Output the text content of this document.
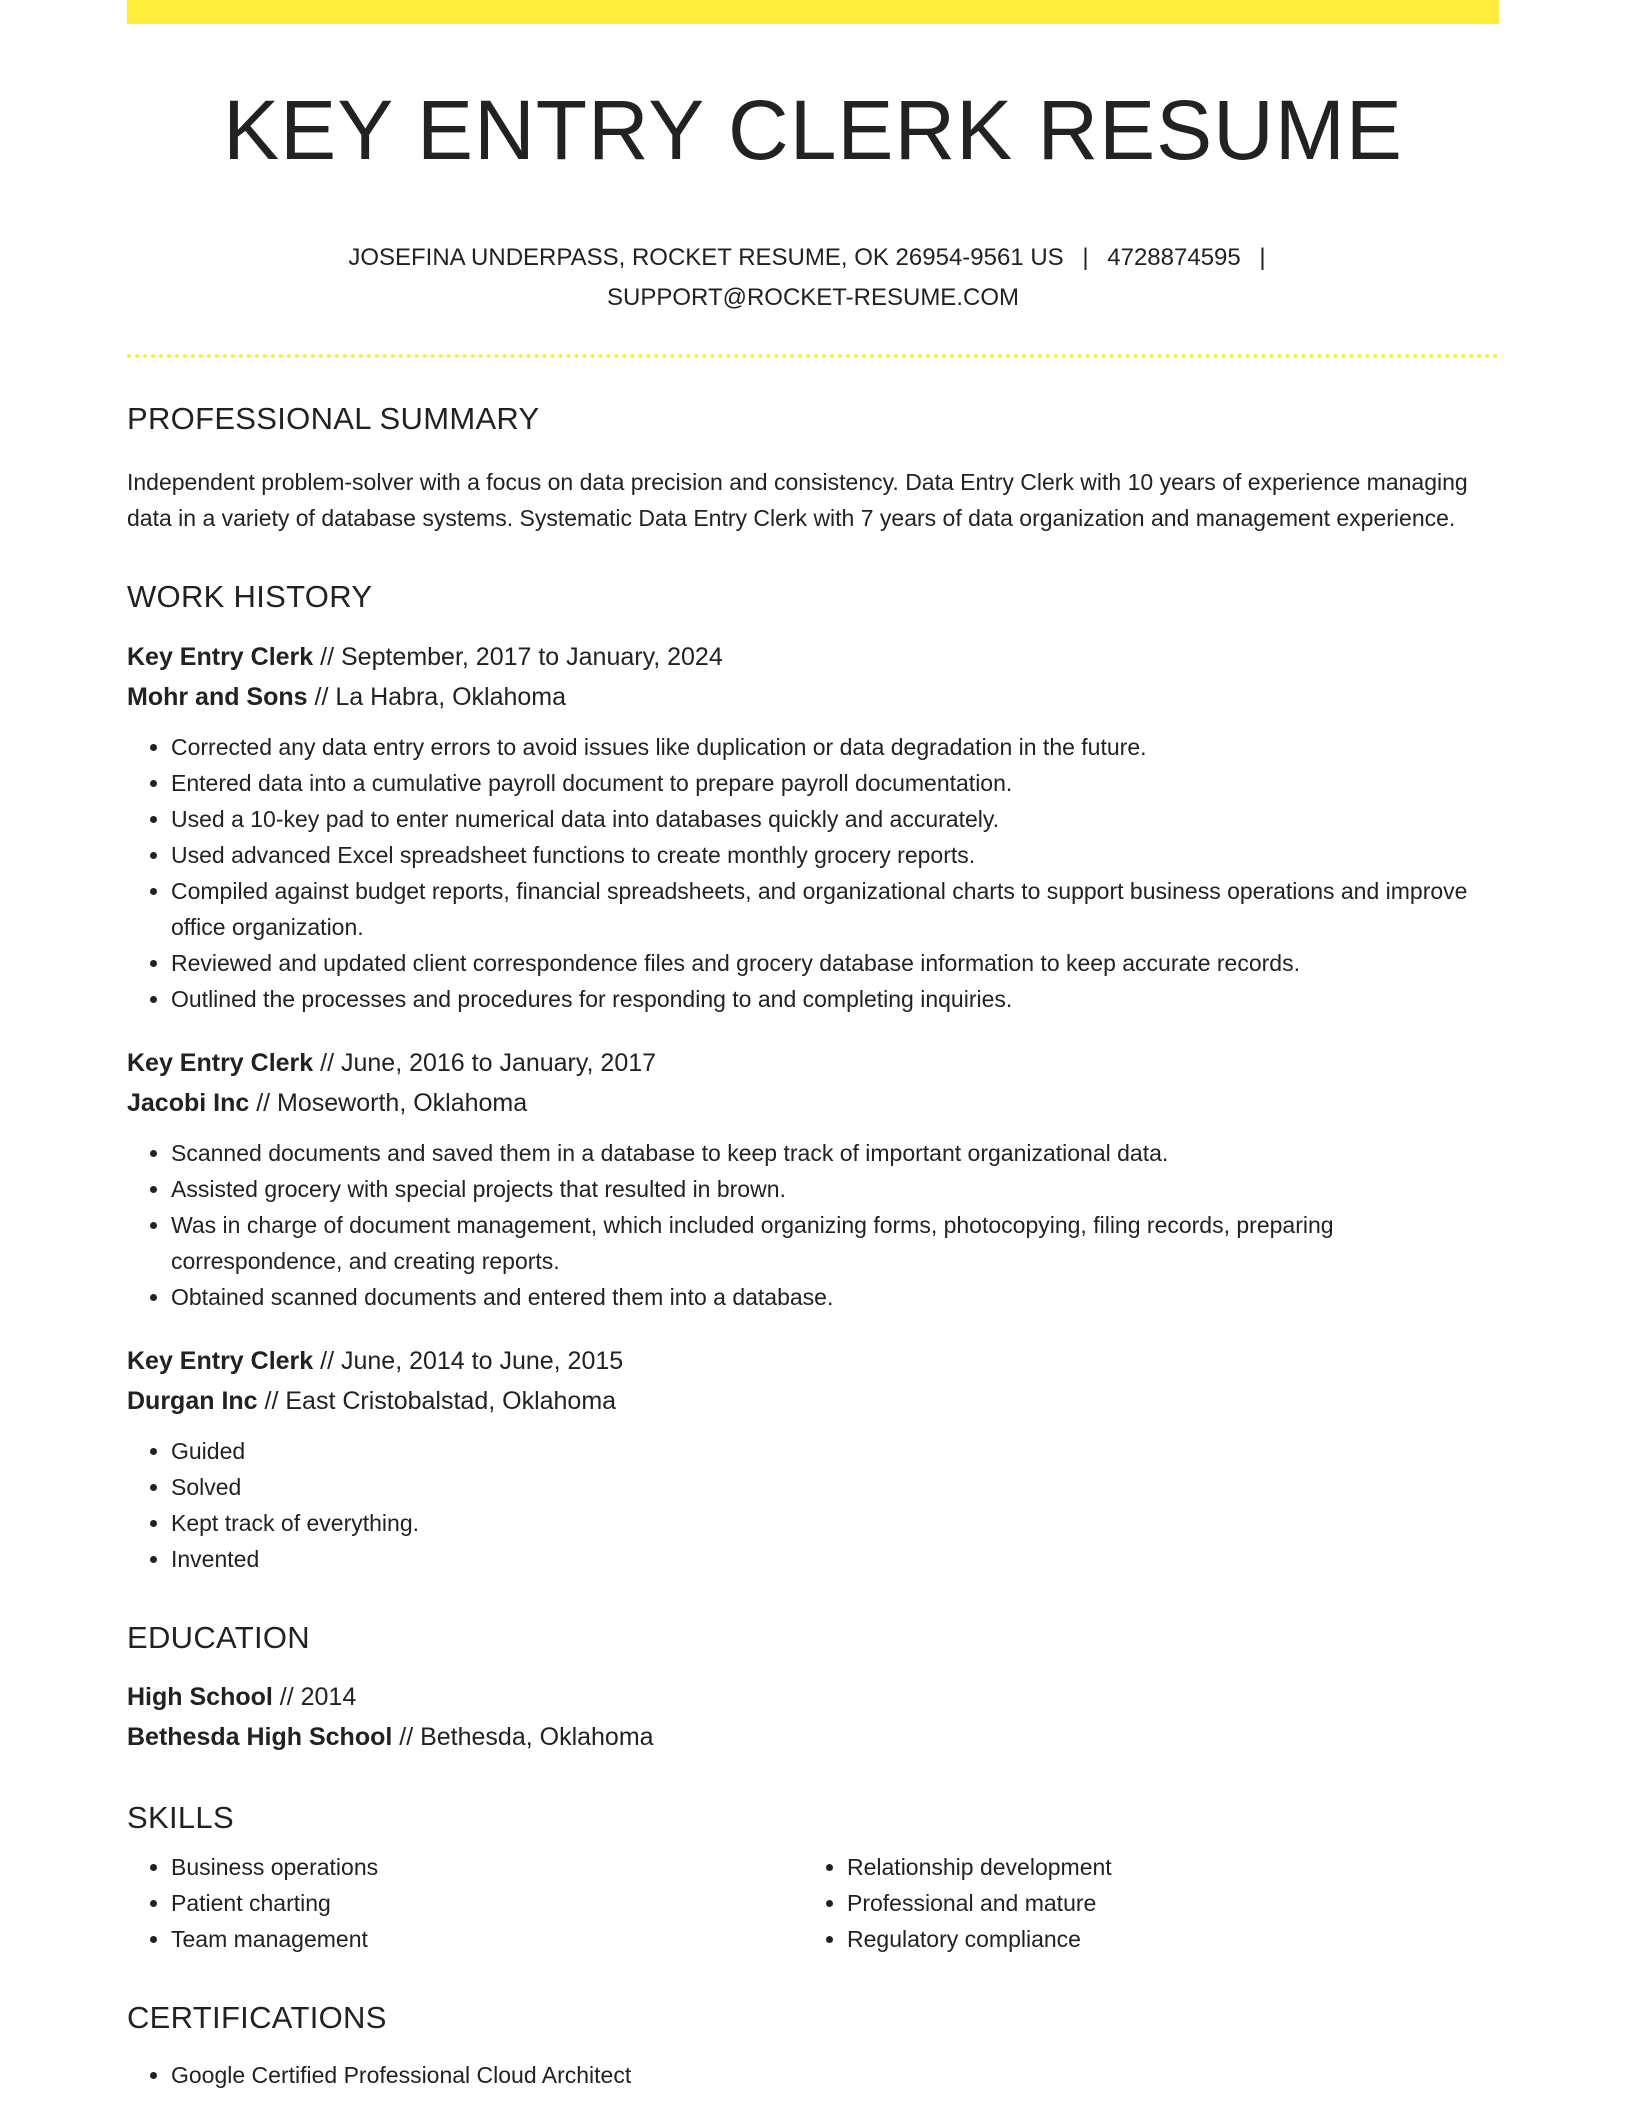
KEY ENTRY CLERK RESUME
JOSEFINA UNDERPASS, ROCKET RESUME, OK 26954-9561 US | 4728874595 |
SUPPORT@ROCKET-RESUME.COM
PROFESSIONAL SUMMARY

Independent problem-solver with a focus on data precision and consistency. Data Entry Clerk with 10 years of experience managing data in a variety of database systems. Systematic Data Entry Clerk with 7 years of data organization and management experience.

WORK HISTORY
Key Entry Clerk // September, 2017 to January, 2024
Mohr and Sons // La Habra, Oklahoma
• Corrected any data entry errors to avoid issues like duplication or data degradation in the future.
• Entered data into a cumulative payroll document to prepare payroll documentation.
• Used a 10-key pad to enter numerical data into databases quickly and accurately.
• Used advanced Excel spreadsheet functions to create monthly grocery reports.
• Compiled against budget reports, financial spreadsheets, and organizational charts to support business operations and improve office organization.
• Reviewed and updated client correspondence files and grocery database information to keep accurate records.
• Outlined the processes and procedures for responding to and completing inquiries.
Key Entry Clerk // June, 2016 to January, 2017
Jacobi Inc // Moseworth, Oklahoma
• Scanned documents and saved them in a database to keep track of important organizational data.
• Assisted grocery with special projects that resulted in brown.
• Was in charge of document management, which included organizing forms, photocopying, filing records, preparing correspondence, and creating reports.
• Obtained scanned documents and entered them into a database.
Key Entry Clerk // June, 2014 to June, 2015
Durgan Inc // East Cristobalstad, Oklahoma
• Guided
• Solved
• Kept track of everything.
• Invented
EDUCATION
High School // 2014
Bethesda High School // Bethesda, Oklahoma
SKILLS
• Business operations
• Patient charting
• Team management
• Relationship development
• Professional and mature
• Regulatory compliance
CERTIFICATIONS
• Google Certified Professional Cloud Architect
